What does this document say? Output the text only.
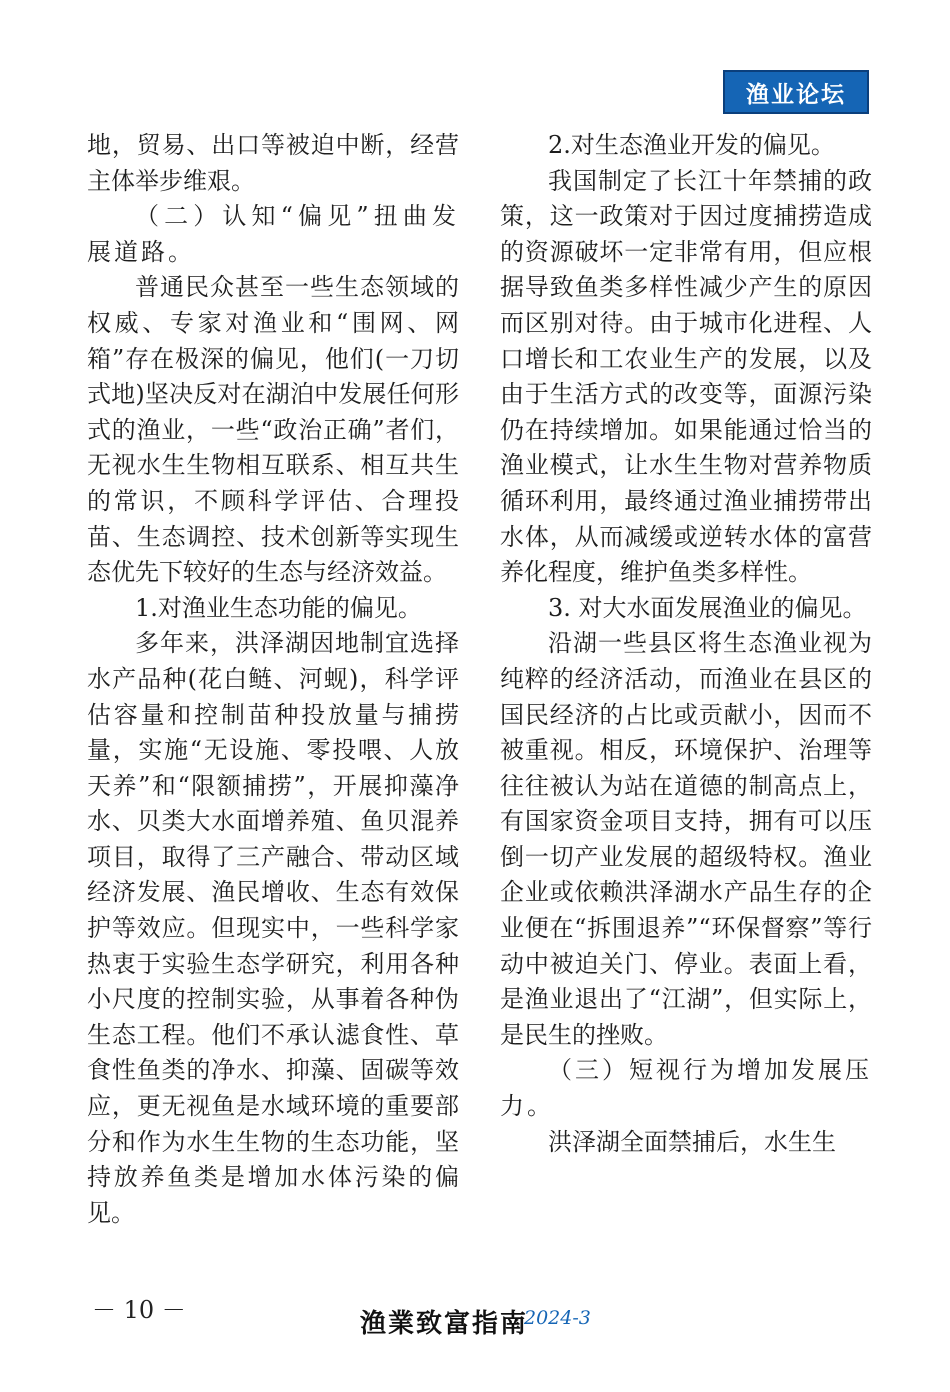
渔业论坛

地，贸易、出口等被迫中断，经营主体举步维艰。

（二）认知“偏见”扭曲发展道路。

普通民众甚至一些生态领域的权威、专家对渔业和“围网、网箱”存在极深的偏见，他们(一刀切式地)坚决反对在湖泊中发展任何形式的渔业，一些“政治正确”者们，无视水生生物相互联系、相互共生的常识，不顾科学评估、合理投苗、生态调控、技术创新等实现生态优先下较好的生态与经济效益。

1.对渔业生态功能的偏见。

多年来，洪泽湖因地制宜选择水产品种(花白鲢、河蚬)，科学评估容量和控制苗种投放量与捕捞量，实施“无设施、零投喂、人放天养”和“限额捕捞”，开展抑藻净水、贝类大水面增养殖、鱼贝混养项目，取得了三产融合、带动区域经济发展、渔民增收、生态有效保护等效应。但现实中，一些科学家热衷于实验生态学研究，利用各种小尺度的控制实验，从事着各种伪生态工程。他们不承认滤食性、草食性鱼类的净水、抑藻、固碳等效应，更无视鱼是水域环境的重要部分和作为水生生物的生态功能，坚持放养鱼类是增加水体污染的偏见。

2.对生态渔业开发的偏见。

我国制定了长江十年禁捕的政策，这一政策对于因过度捕捞造成的资源破坏一定非常有用，但应根据导致鱼类多样性减少产生的原因而区别对待。由于城市化进程、人口增长和工农业生产的发展，以及由于生活方式的改变等，面源污染仍在持续增加。如果能通过恰当的渔业模式，让水生生物对营养物质循环利用，最终通过渔业捕捞带出水体，从而减缓或逆转水体的富营养化程度，维护鱼类多样性。

3. 对大水面发展渔业的偏见。

沿湖一些县区将生态渔业视为纯粹的经济活动，而渔业在县区的国民经济的占比或贡献小，因而不被重视。相反，环境保护、治理等往往被认为站在道德的制高点上，有国家资金项目支持，拥有可以压倒一切产业发展的超级特权。渔业企业或依赖洪泽湖水产品生存的企业便在“拆围退养”“环保督察”等行动中被迫关门、停业。表面上看，是渔业退出了“江湖”，但实际上，是民生的挫败。

（三）短视行为增加发展压力。

洪泽湖全面禁捕后，水生生

－ 10 －	渔業致富指南
2024-3
